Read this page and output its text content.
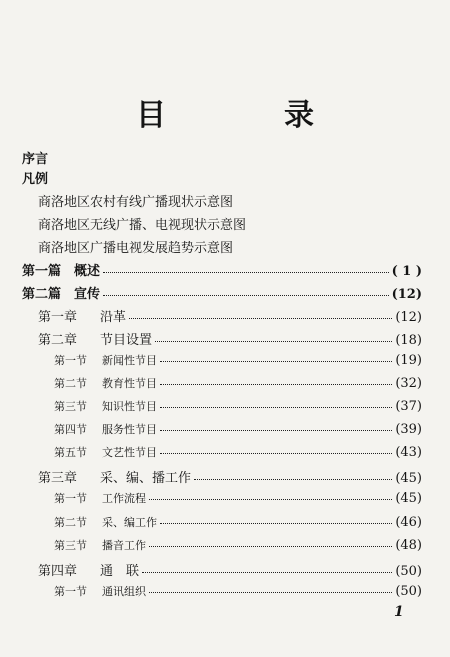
目　录
序言
凡例
商洛地区农村有线广播现状示意图
商洛地区无线广播、电视现状示意图
商洛地区广播电视发展趋势示意图
第一篇 概述	( 1 )
第二篇 宣传	(12)
第一章	沿革	(12)
第二章	节目设置	(18)
第一节	新闻性节目	(19)
第二节	教育性节目	(32)
第三节	知识性节目	(37)
第四节	服务性节目	(39)
第五节	文艺性节目	(43)
第三章	采、编、播工作	(45)
第一节	工作流程	(45)
第二节	采、编工作	(46)
第三节	播音工作	(48)
第四章	通　联	(50)
第一节	通讯组织	(50)
1
